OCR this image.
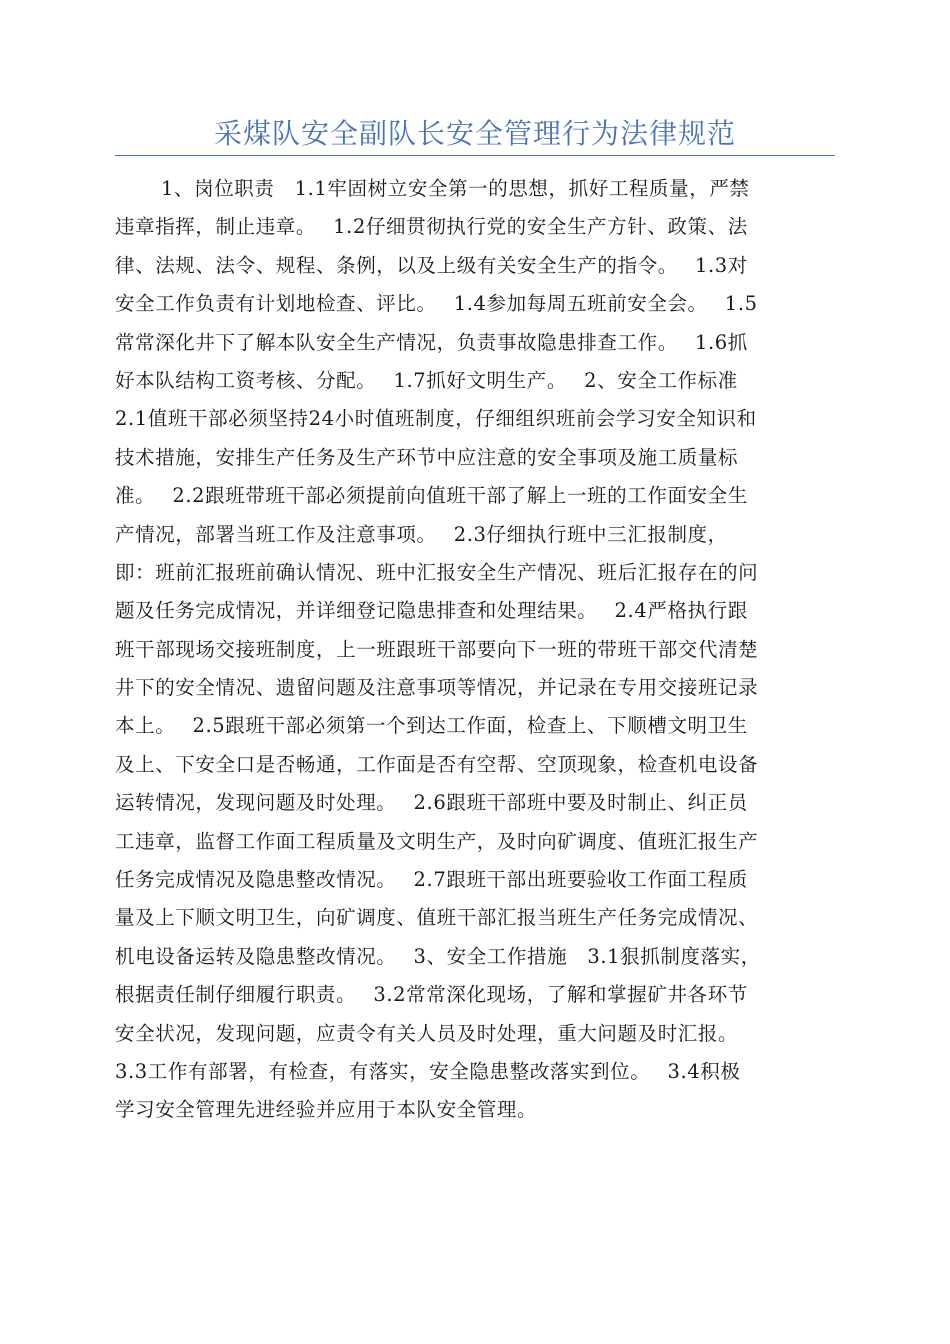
采煤队安全副队长安全管理行为法律规范
1、岗位职责　1.1牢固树立安全第一的思想，抓好工程质量，严禁
违章指挥，制止违章。　 1.2仔细贯彻执行党的安全生产方针、政策、法
律、法规、法令、规程、条例，以及上级有关安全生产的指令。　 1.3对
安全工作负责有计划地检查、评比。　 1.4参加每周五班前安全会。　 1.5
常常深化井下了解本队安全生产情况，负责事故隐患排查工作。　 1.6抓
好本队结构工资考核、分配。　 1.7抓好文明生产。　 2、安全工作标准
2.1值班干部必须坚持24小时值班制度，仔细组织班前会学习安全知识和
技术措施，安排生产任务及生产环节中应注意的安全事项及施工质量标
准。　 2.2跟班带班干部必须提前向值班干部了解上一班的工作面安全生
产情况，部署当班工作及注意事项。　 2.3仔细执行班中三汇报制度，
即：班前汇报班前确认情况、班中汇报安全生产情况、班后汇报存在的问
题及任务完成情况，并详细登记隐患排查和处理结果。　 2.4严格执行跟
班干部现场交接班制度，上一班跟班干部要向下一班的带班干部交代清楚
井下的安全情况、遗留问题及注意事项等情况，并记录在专用交接班记录
本上。　 2.5跟班干部必须第一个到达工作面，检查上、下顺槽文明卫生
及上、下安全口是否畅通，工作面是否有空帮、空顶现象，检查机电设备
运转情况，发现问题及时处理。　 2.6跟班干部班中要及时制止、纠正员
工违章，监督工作面工程质量及文明生产，及时向矿调度、值班汇报生产
任务完成情况及隐患整改情况。　 2.7跟班干部出班要验收工作面工程质
量及上下顺文明卫生，向矿调度、值班干部汇报当班生产任务完成情况、
机电设备运转及隐患整改情况。　 3、安全工作措施　3.1狠抓制度落实，
根据责任制仔细履行职责。　 3.2常常深化现场，了解和掌握矿井各环节
安全状况，发现问题，应责令有关人员及时处理，重大问题及时汇报。
3.3工作有部署，有检查，有落实，安全隐患整改落实到位。　 3.4积极
学习安全管理先进经验并应用于本队安全管理。
